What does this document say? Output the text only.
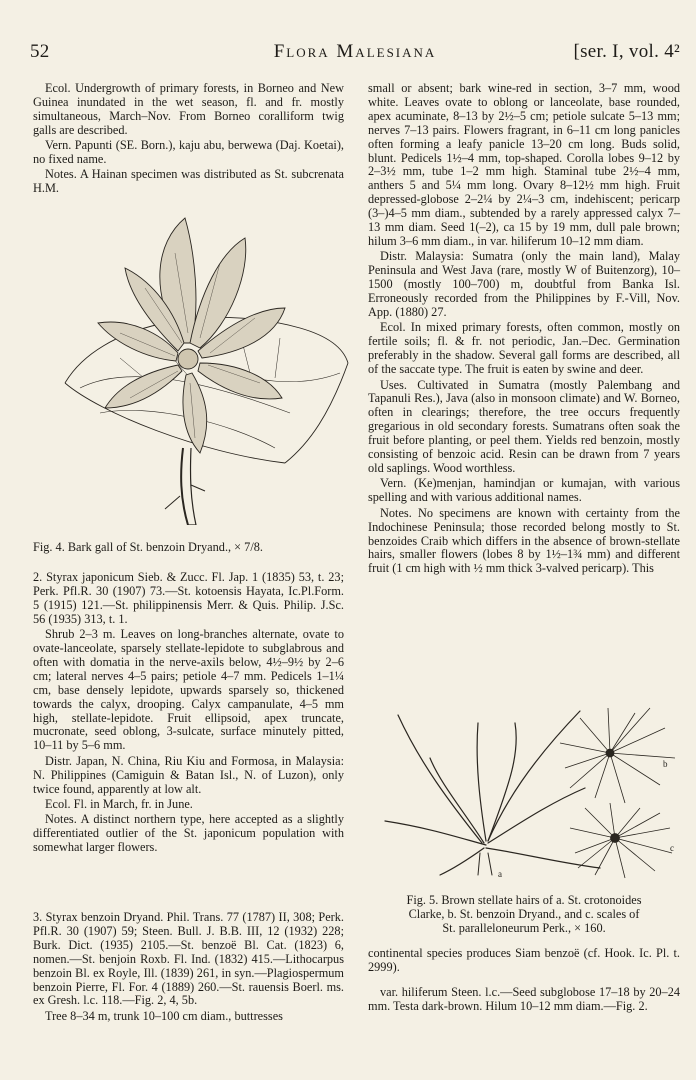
52	Flora Malesiana	[ser. I, vol. 4²

Ecol. Undergrowth of primary forests, in Borneo and New Guinea inundated in the wet season, fl. and fr. mostly simultaneous, March–Nov. From Borneo coralliform twig galls are described.

Vern. Papunti (SE. Born.), kaju abu, berwewa (Daj. Koetai), no fixed name.

Notes. A Hainan specimen was distributed as St. subcrenata H.M.

Fig. 4. Bark gall of St. benzoin Dryand., × 7/8.

2. Styrax japonicum Sieb. & Zucc. Fl. Jap. 1 (1835) 53, t. 23; Perk. Pfl.R. 30 (1907) 73.—St. kotoensis Hayata, Ic.Pl.Form. 5 (1915) 121.—St. philippinensis Merr. & Quis. Philip. J.Sc. 56 (1935) 313, t. 1.

Shrub 2–3 m. Leaves on long-branches alternate, ovate to ovate-lanceolate, sparsely stellate-lepidote to subglabrous and often with domatia in the nerve-axils below, 4½–9½ by 2–6 cm; lateral nerves 4–5 pairs; petiole 4–7 mm. Pedicels 1–1¼ cm, base densely lepidote, upwards sparsely so, thickened towards the calyx, drooping. Calyx campanulate, 4–5 mm high, stellate-lepidote. Fruit ellipsoid, apex truncate, mucronate, seed oblong, 3-sulcate, surface minutely pitted, 10–11 by 5–6 mm.

Distr. Japan, N. China, Riu Kiu and Formosa, in Malaysia: N. Philippines (Camiguin & Batan Isl., N. of Luzon), only twice found, apparently at low alt.

Ecol. Fl. in March, fr. in June.

Notes. A distinct northern type, here accepted as a slightly differentiated outlier of the St. japonicum population with somewhat larger flowers.

3. Styrax benzoin Dryand. Phil. Trans. 77 (1787) II, 308; Perk. Pfl.R. 30 (1907) 59; Steen. Bull. J. B.B. III, 12 (1932) 228; Burk. Dict. (1935) 2105.—St. benzoë Bl. Cat. (1823) 6, nomen.—St. benjoin Roxb. Fl. Ind. (1832) 415.—Lithocarpus benzoin Bl. ex Royle, Ill. (1839) 261, in syn.—Plagiospermum benzoin Pierre, Fl. For. 4 (1889) 260.—St. rauensis Boerl. ms. ex Gresh. l.c. 118.—Fig. 2, 4, 5b.

Tree 8–34 m, trunk 10–100 cm diam., buttresses

small or absent; bark wine-red in section, 3–7 mm, wood white. Leaves ovate to oblong or lanceolate, base rounded, apex acuminate, 8–13 by 2½–5 cm; petiole sulcate 5–13 mm; nerves 7–13 pairs. Flowers fragrant, in 6–11 cm long panicles often forming a leafy panicle 13–20 cm long. Buds solid, blunt. Pedicels 1½–4 mm, top-shaped. Corolla lobes 9–12 by 2–3½ mm, tube 1–2 mm high. Staminal tube 2½–4 mm, anthers 5 and 5¼ mm long. Ovary 8–12½ mm high. Fruit depressed-globose 2–2¼ by 2¼–3 cm, indehiscent; pericarp (3–)4–5 mm diam., subtended by a rarely appressed calyx 7–13 mm diam. Seed 1(–2), ca 15 by 19 mm, dull pale brown; hilum 3–6 mm diam., in var. hiliferum 10–12 mm diam.

Distr. Malaysia: Sumatra (only the main land), Malay Peninsula and West Java (rare, mostly W of Buitenzorg), 10–1500 (mostly 100–700) m, doubtful from Banka Isl. Erroneously recorded from the Philippines by F.-Vill, Nov. App. (1880) 27.

Ecol. In mixed primary forests, often common, mostly on fertile soils; fl. & fr. not periodic, Jan.–Dec. Germination preferably in the shadow. Several gall forms are described, all of the saccate type. The fruit is eaten by swine and deer.

Uses. Cultivated in Sumatra (mostly Palembang and Tapanuli Res.), Java (also in monsoon climate) and W. Borneo, often in clearings; therefore, the tree occurs frequently gregarious in old secondary forests. Sumatrans often soak the fruit before planting, or peel them. Yields red benzoin, mostly consisting of benzoic acid. Resin can be drawn from 7 years old saplings. Wood worthless.

Vern. (Ke)menjan, hamindjan or kumajan, with various spelling and with various additional names.

Notes. No specimens are known with certainty from the Indochinese Peninsula; those recorded belong mostly to St. benzoides Craib which differs in the absence of brown-stellate hairs, smaller flowers (lobes 8 by 1½–1¾ mm) and different fruit (1 cm high with ½ mm thick 3-valved pericarp). This

a
b
c
Fig. 5. Brown stellate hairs of a. St. crotonoides
Clarke, b. St. benzoin Dryand., and c. scales of
St. paralleloneurum Perk., × 160.

continental species produces Siam benzoë (cf. Hook. Ic. Pl. t. 2999).

var. hiliferum Steen. l.c.—Seed subglobose 17–18 by 20–24 mm. Testa dark-brown. Hilum 10–12 mm diam.—Fig. 2.
